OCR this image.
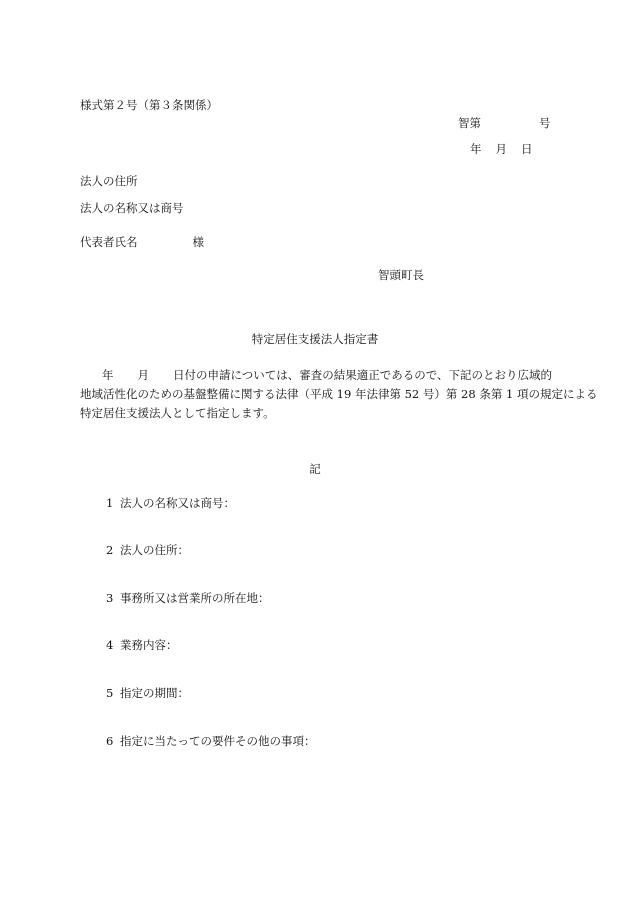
様式第２号（第３条関係）
智第	号
年 月 日
法人の住所
法人の名称又は商号
代表者氏名	様
智頭町長
特定居住支援法人指定書
年 月 日付の申請については、審査の結果適正であるので、下記のとおり広域的
地域活性化のための基盤整備に関する法律（平成 19 年法律第 52 号）第 28 条第 1 項の規定による
特定居住支援法人として指定します。
記
1 法人の名称又は商号：
2 法人の住所：
3 事務所又は営業所の所在地：
4 業務内容：
5 指定の期間：
6 指定に当たっての要件その他の事項：
